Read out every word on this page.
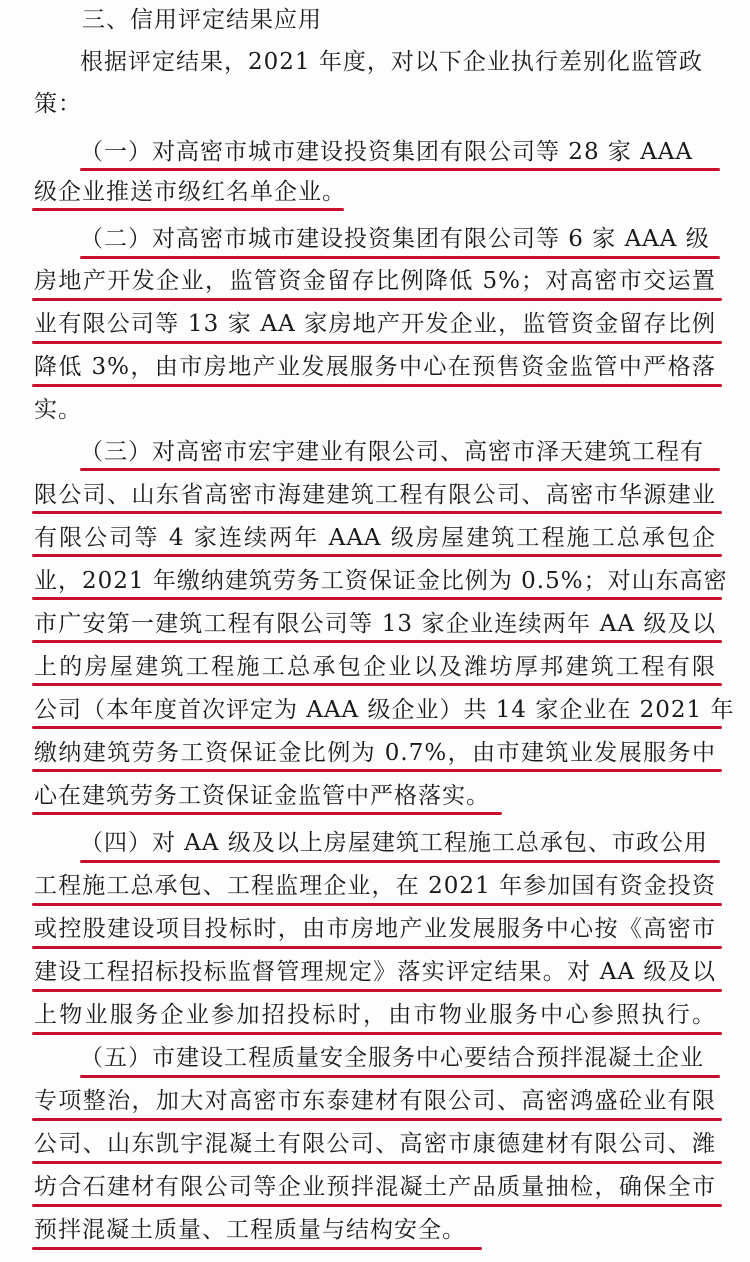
三、信用评定结果应用
根据评定结果，2021 年度，对以下企业执行差别化监管政
策：
（一）对高密市城市建设投资集团有限公司等 28 家 AAA
级企业推送市级红名单企业。
（二）对高密市城市建设投资集团有限公司等 6 家 AAA 级
房地产开发企业，监管资金留存比例降低 5%；对高密市交运置
业有限公司等 13 家 AA 家房地产开发企业，监管资金留存比例
降低 3%，由市房地产业发展服务中心在预售资金监管中严格落
实。
（三）对高密市宏宇建业有限公司、高密市泽天建筑工程有
限公司、山东省高密市海建建筑工程有限公司、高密市华源建业
有限公司等 4 家连续两年 AAA 级房屋建筑工程施工总承包企
业，2021 年缴纳建筑劳务工资保证金比例为 0.5%；对山东高密
市广安第一建筑工程有限公司等 13 家企业连续两年 AA 级及以
上的房屋建筑工程施工总承包企业以及潍坊厚邦建筑工程有限
公司（本年度首次评定为 AAA 级企业）共 14 家企业在 2021 年
缴纳建筑劳务工资保证金比例为 0.7%，由市建筑业发展服务中
心在建筑劳务工资保证金监管中严格落实。
（四）对 AA 级及以上房屋建筑工程施工总承包、市政公用
工程施工总承包、工程监理企业，在 2021 年参加国有资金投资
或控股建设项目投标时，由市房地产业发展服务中心按《高密市
建设工程招标投标监督管理规定》落实评定结果。对 AA 级及以
上物业服务企业参加招投标时，由市物业服务中心参照执行。
（五）市建设工程质量安全服务中心要结合预拌混凝土企业
专项整治，加大对高密市东泰建材有限公司、高密鸿盛砼业有限
公司、山东凯宇混凝土有限公司、高密市康德建材有限公司、潍
坊合石建材有限公司等企业预拌混凝土产品质量抽检，确保全市
预拌混凝土质量、工程质量与结构安全。
